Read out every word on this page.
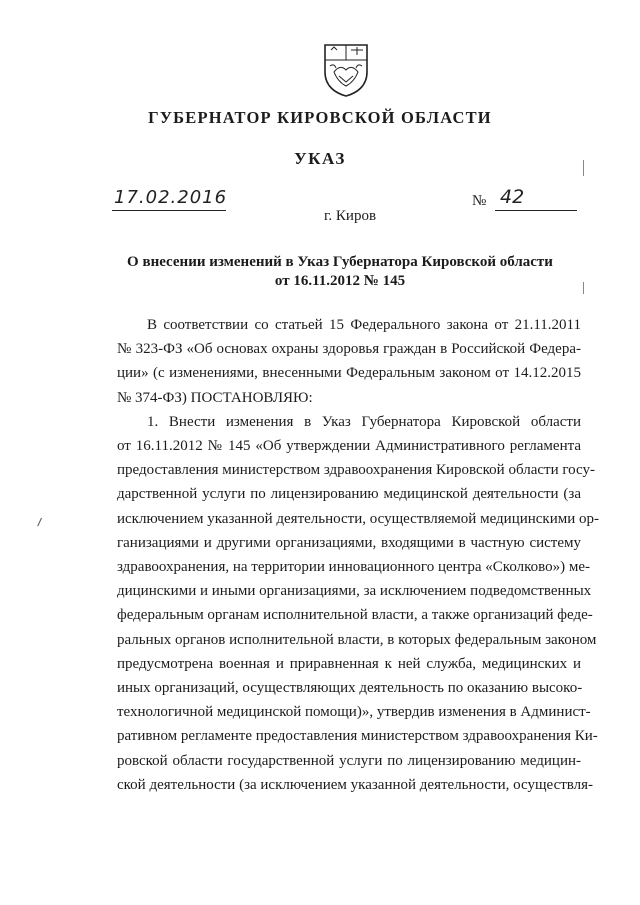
ГУБЕРНАТОР КИРОВСКОЙ ОБЛАСТИ
УКАЗ
17.02.2016	№ 42
г. Киров
О внесении изменений в Указ Губернатора Кировской области
от 16.11.2012 № 145
В соответствии со статьей 15 Федерального закона от 21.11.2011
№ 323-ФЗ «Об основах охраны здоровья граждан в Российской Федера-
ции» (с изменениями, внесенными Федеральным законом от 14.12.2015
№ 374-ФЗ) ПОСТАНОВЛЯЮ:
1. Внести изменения в Указ Губернатора Кировской области
от 16.11.2012 № 145 «Об утверждении Административного регламента
предоставления министерством здравоохранения Кировской области госу-
дарственной услуги по лицензированию медицинской деятельности (за
исключением указанной деятельности, осуществляемой медицинскими ор-
ганизациями и другими организациями, входящими в частную систему
здравоохранения, на территории инновационного центра «Сколково») ме-
дицинскими и иными организациями, за исключением подведомственных
федеральным органам исполнительной власти, а также организаций феде-
ральных органов исполнительной власти, в которых федеральным законом
предусмотрена военная и приравненная к ней служба, медицинских и
иных организаций, осуществляющих деятельность по оказанию высоко-
технологичной медицинской помощи)», утвердив изменения в Админист-
ративном регламенте предоставления министерством здравоохранения Ки-
ровской области государственной услуги по лицензированию медицин-
ской деятельности (за исключением указанной деятельности, осуществля-
